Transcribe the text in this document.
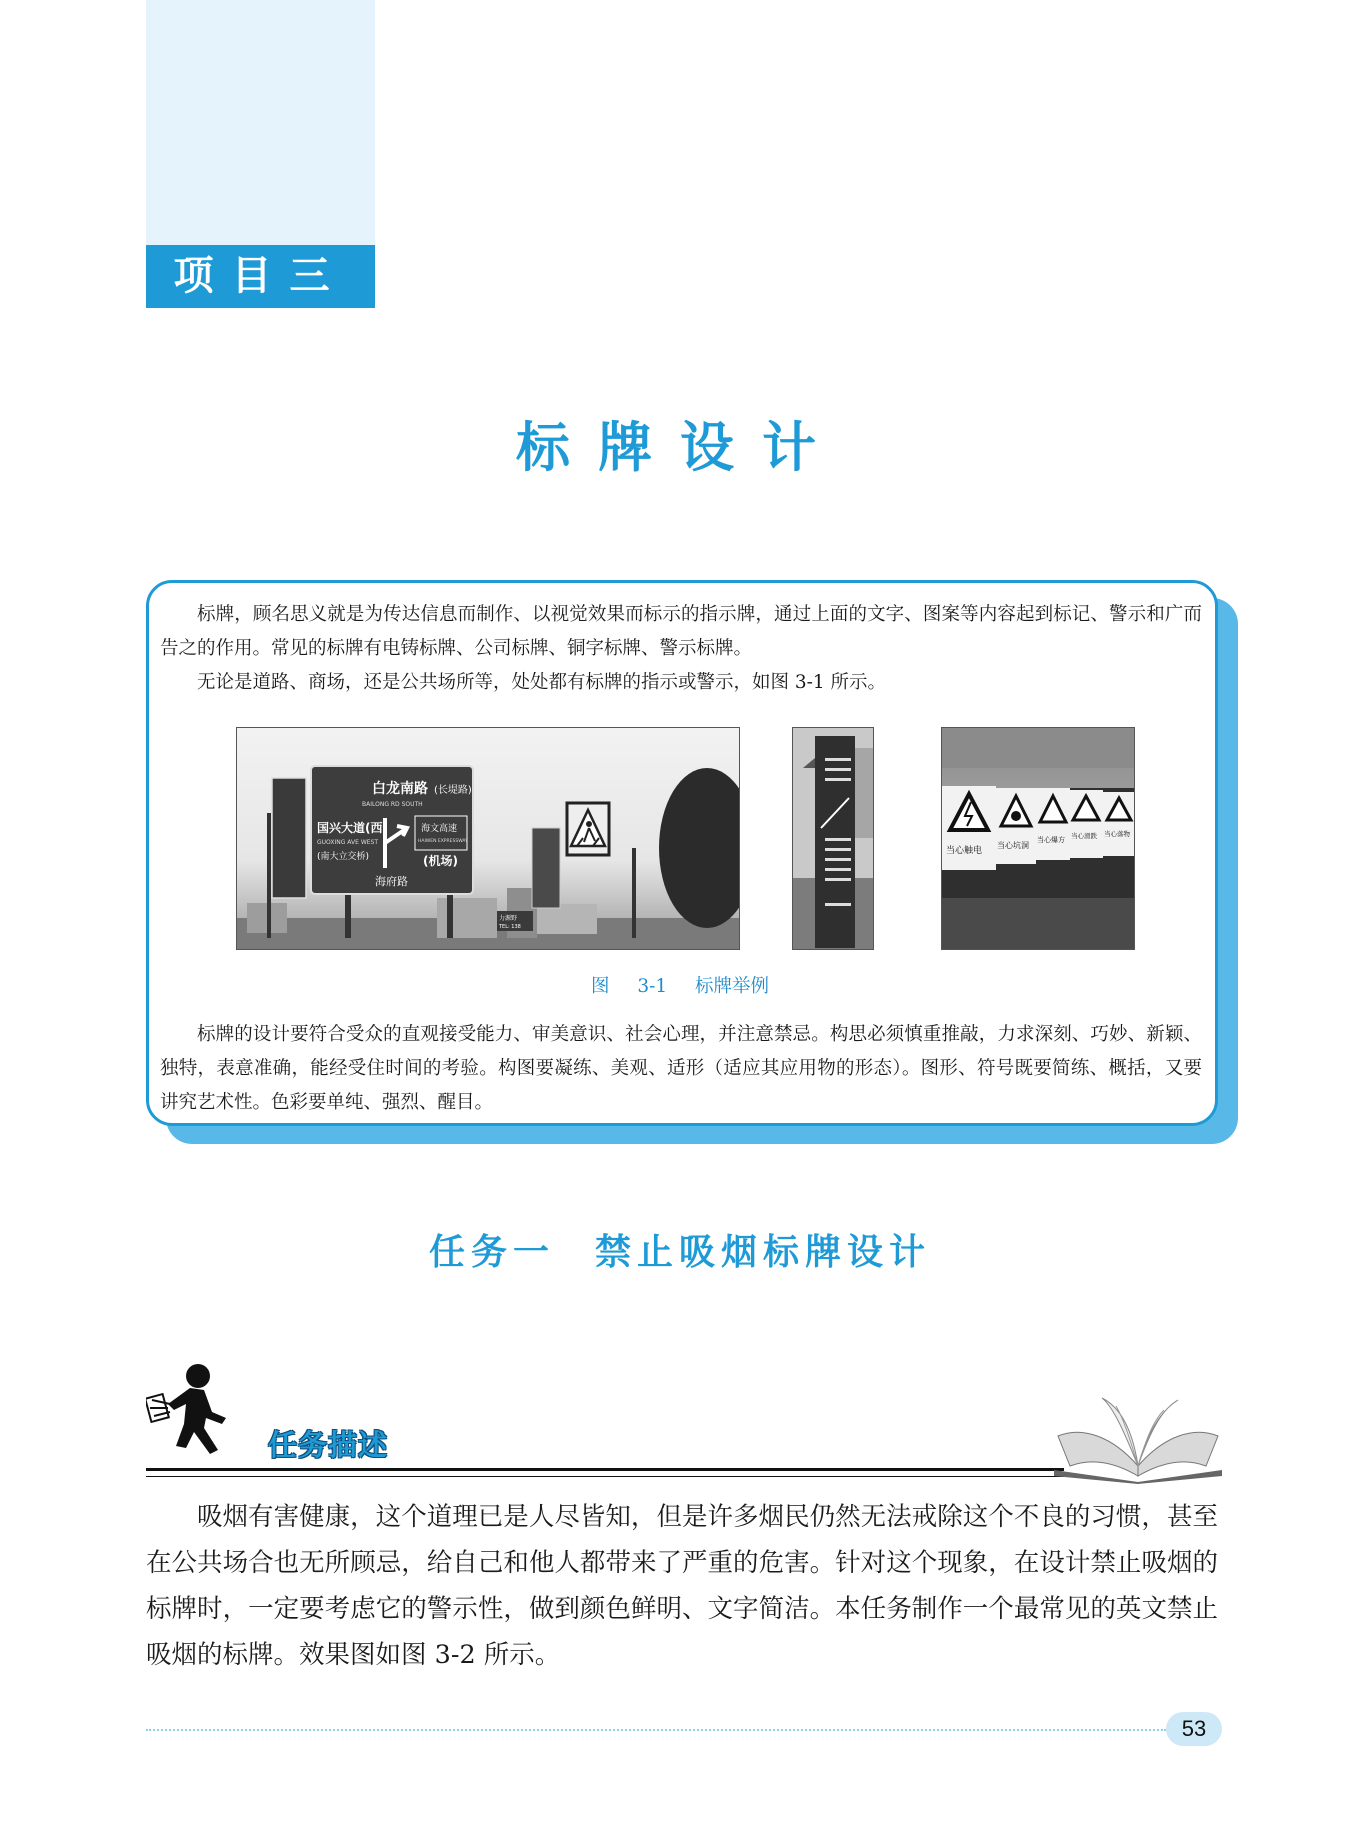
项目三
标牌设计
标牌，顾名思义就是为传达信息而制作、以视觉效果而标示的指示牌，通过上面的文字、图案等内容起到标记、警示和广而告之的作用。常见的标牌有电铸标牌、公司标牌、铜字标牌、警示标牌。
无论是道路、商场，还是公共场所等，处处都有标牌的指示或警示，如图 3-1 所示。
白龙南路 (长堤路)
BAILONG RD SOUTH
国兴大道(西)
GUOXING AVE WEST
(南大立交桥)
海文高速
HAIWEN EXPRESSWAY
(机场)
海府路
力源野
TEL: 138
当心触电
当心坑洞
当心爆方 当心滑跌 当心落物
图 3-1 标牌举例
标牌的设计要符合受众的直观接受能力、审美意识、社会心理，并注意禁忌。构思必须慎重推敲，力求深刻、巧妙、新颖、独特，表意准确，能经受住时间的考验。构图要凝练、美观、适形（适应其应用物的形态）。图形、符号既要简练、概括，又要讲究艺术性。色彩要单纯、强烈、醒目。
任务一 禁止吸烟标牌设计
任务描述
吸烟有害健康，这个道理已是人尽皆知，但是许多烟民仍然无法戒除这个不良的习惯，甚至在公共场合也无所顾忌，给自己和他人都带来了严重的危害。针对这个现象，在设计禁止吸烟的标牌时，一定要考虑它的警示性，做到颜色鲜明、文字简洁。本任务制作一个最常见的英文禁止吸烟的标牌。效果图如图 3-2 所示。
53
